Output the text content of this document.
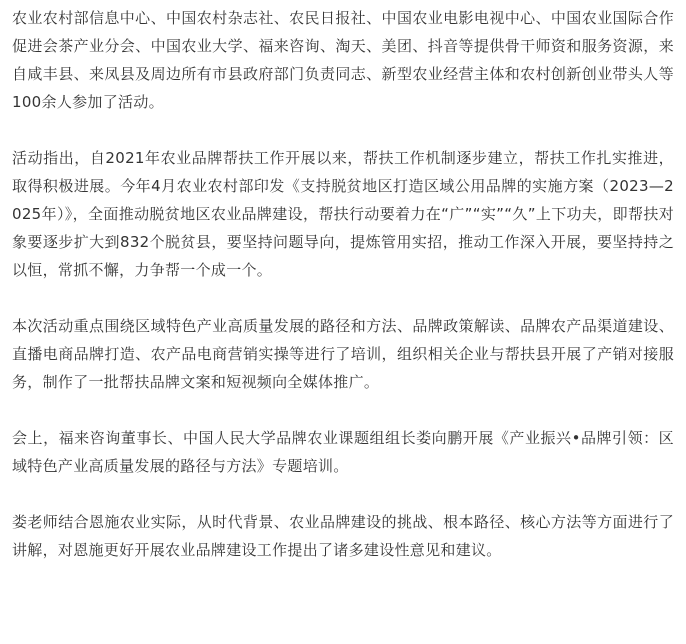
农业农村部信息中心、中国农村杂志社、农民日报社、中国农业电影电视中心、中国农业国际合作促进会茶产业分会、中国农业大学、福来咨询、淘天、美团、抖音等提供骨干师资和服务资源，来自咸丰县、来凤县及周边所有市县政府部门负责同志、新型农业经营主体和农村创新创业带头人等100余人参加了活动。

活动指出，自2021年农业品牌帮扶工作开展以来，帮扶工作机制逐步建立，帮扶工作扎实推进，取得积极进展。今年4月农业农村部印发《支持脱贫地区打造区域公用品牌的实施方案（2023—2025年）》，全面推动脱贫地区农业品牌建设，帮扶行动要着力在“广”“实”“久”上下功夫，即帮扶对象要逐步扩大到832个脱贫县，要坚持问题导向，提炼管用实招，推动工作深入开展，要坚持持之以恒，常抓不懈，力争帮一个成一个。

本次活动重点围绕区域特色产业高质量发展的路径和方法、品牌政策解读、品牌农产品渠道建设、直播电商品牌打造、农产品电商营销实操等进行了培训，组织相关企业与帮扶县开展了产销对接服务，制作了一批帮扶品牌文案和短视频向全媒体推广。

会上，福来咨询董事长、中国人民大学品牌农业课题组组长娄向鹏开展《产业振兴•品牌引领：区域特色产业高质量发展的路径与方法》专题培训。

娄老师结合恩施农业实际，从时代背景、农业品牌建设的挑战、根本路径、核心方法等方面进行了讲解，对恩施更好开展农业品牌建设工作提出了诸多建设性意见和建议。
